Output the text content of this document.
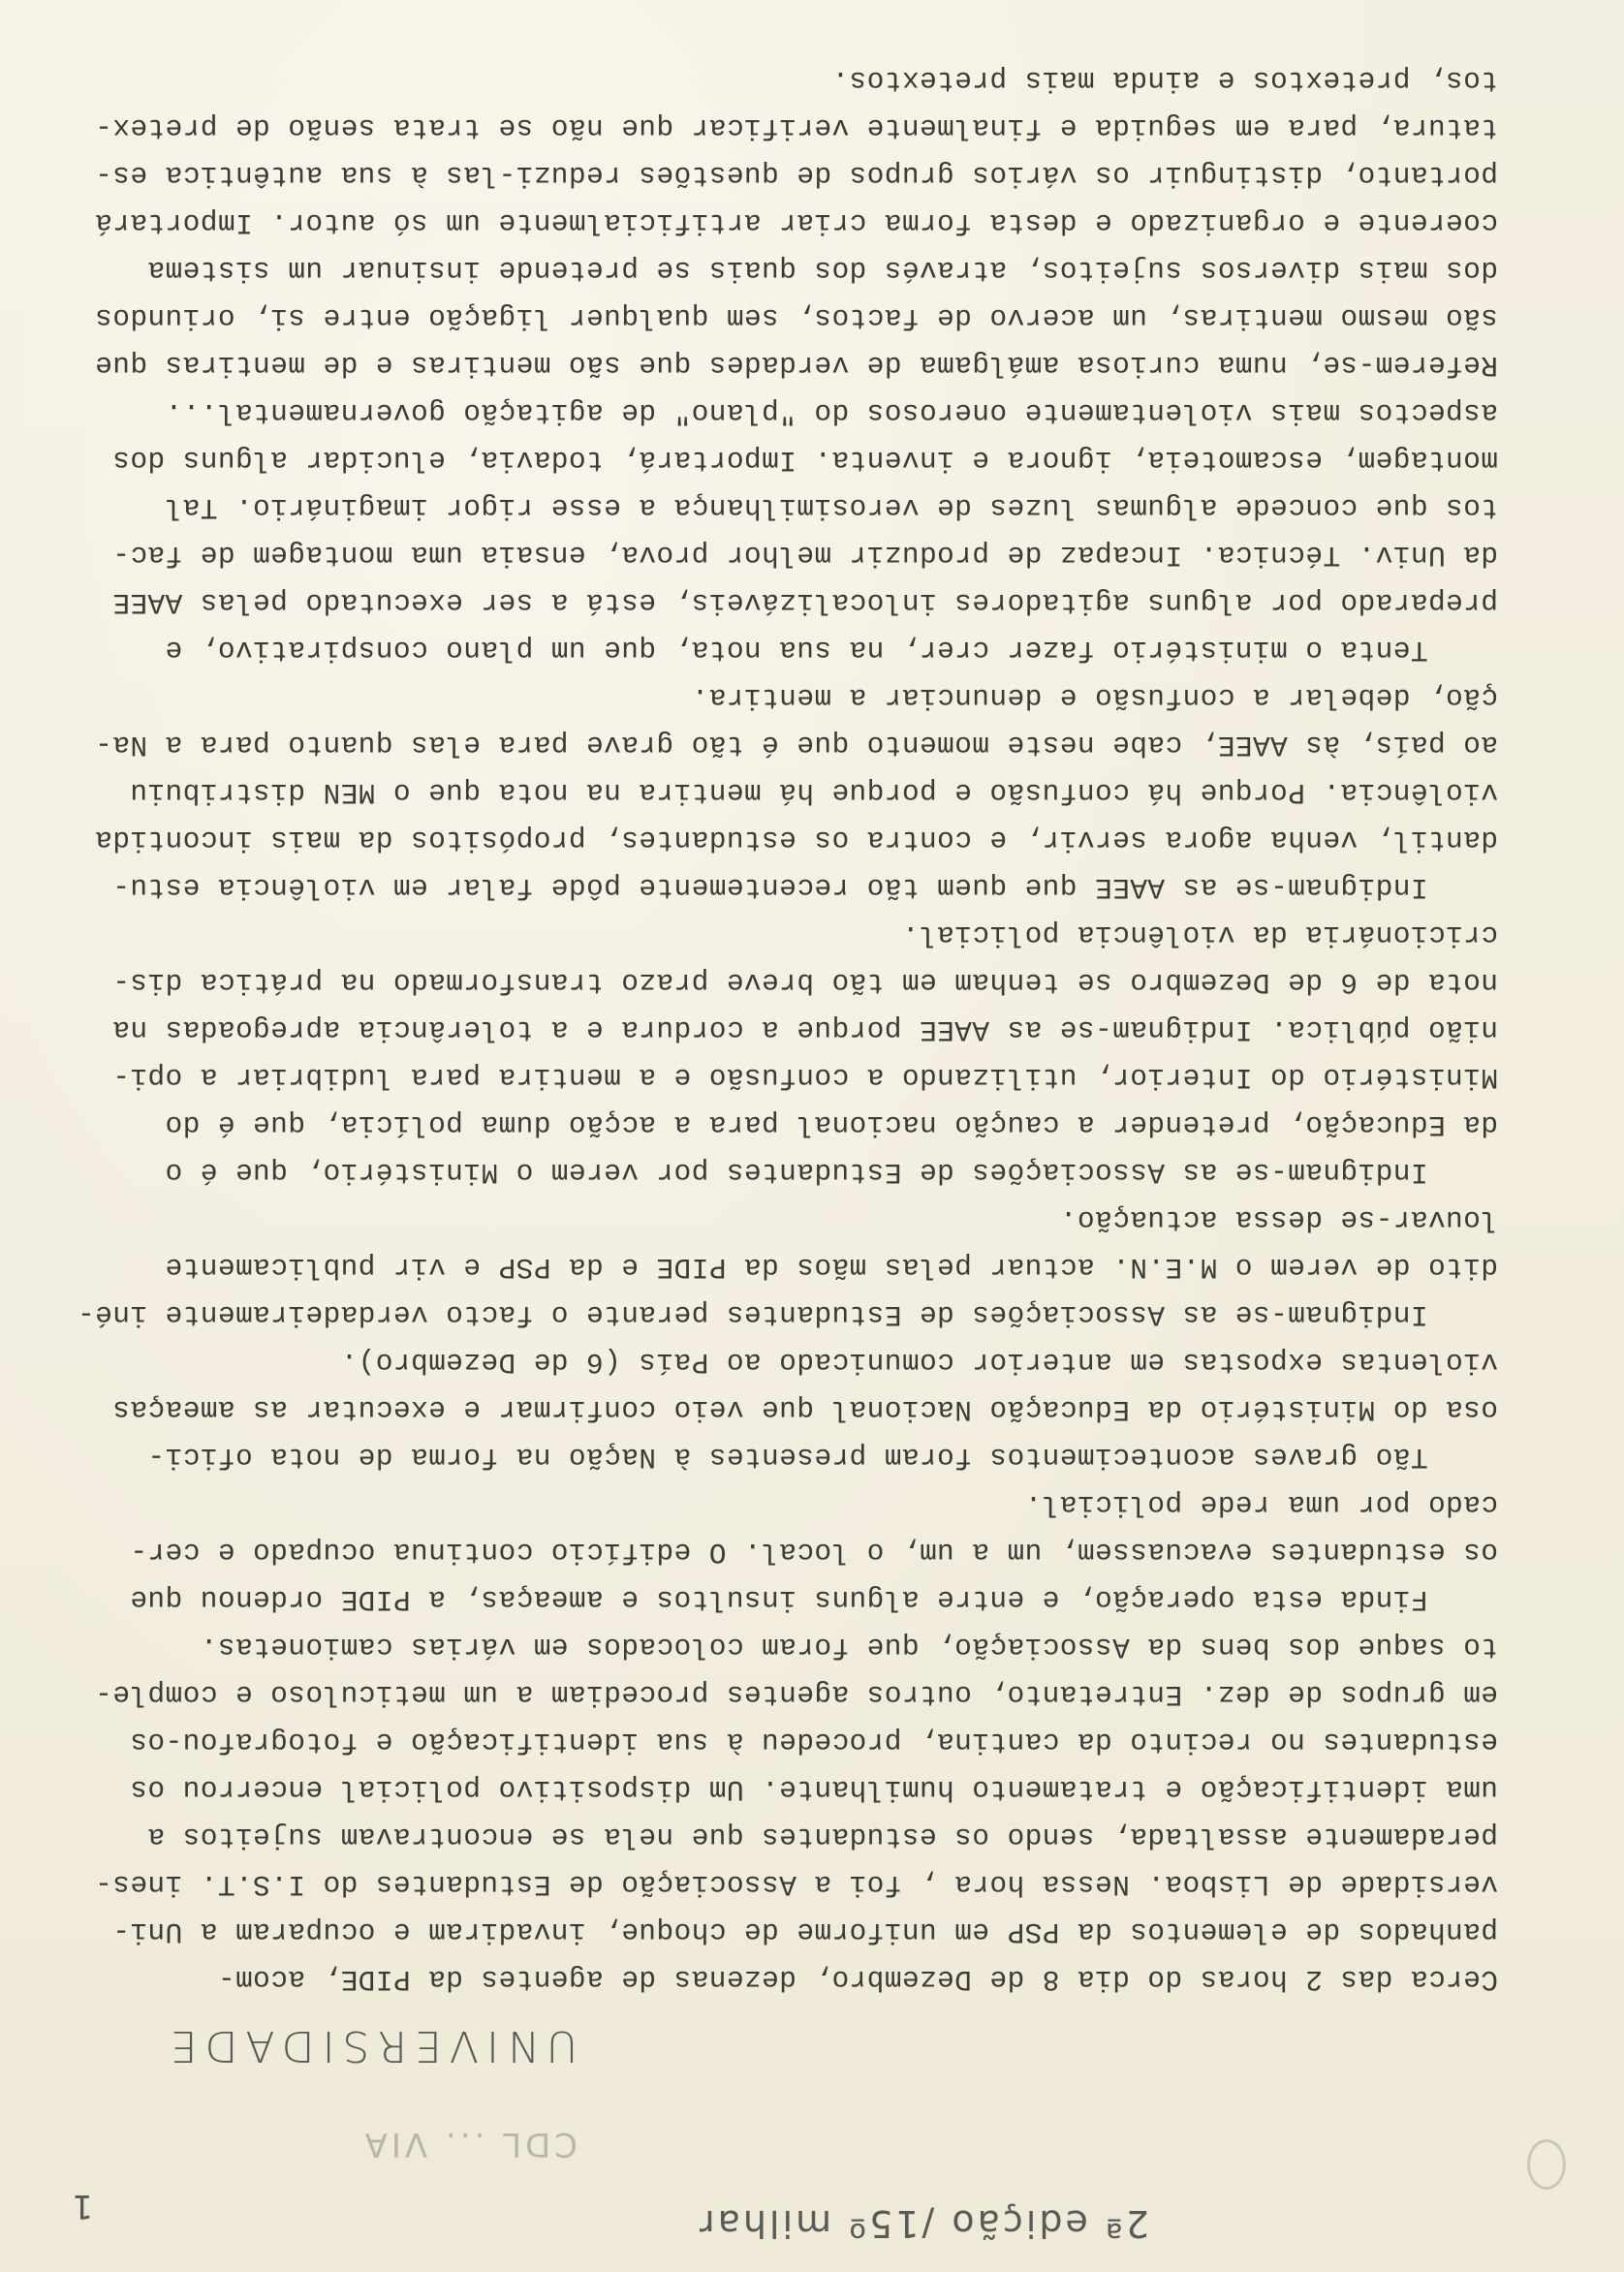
CDL ... VIA
2ª edição /15º milhar
1
UNIVERSIDADE
Cerca das 2 horas do dia 8 de Dezembro, dezenas de agentes da PIDE, acom-
panhados de elementos da PSP em uniforme de choque, invadiram e ocuparam a Uni-
versidade de Lisboa. Nessa hora , foi a Associação de Estudantes do I.S.T. ines-
peradamente assaltada, sendo os estudantes que nela se encontravam sujeitos a
uma identificação e tratamento humilhante. Um dispositivo policial encerrou os
estudantes no recinto da cantina, procedeu à sua identificação e fotografou-os
em grupos de dez. Entretanto, outros agentes procediam a um meticuloso e comple-
to saque dos bens da Associação, que foram colocados em várias camionetas.
Finda esta operação, e entre alguns insultos e ameaças, a PIDE ordenou que
os estudantes evacuassem, um a um, o local. O edifício continua ocupado e cer-
cado por uma rede policial.
Tão graves acontecimentos foram presentes à Nação na forma de nota ofici-
osa do Ministério da Educação Nacional que veio confirmar e executar as ameaças
violentas expostas em anterior comunicado ao País (6 de Dezembro).
Indignam-se as Associações de Estudantes perante o facto verdadeiramente iné-
dito de verem o M.E.N. actuar pelas mãos da PIDE e da PSP e vir publicamente
louvar-se dessa actuação.
Indignam-se as Associações de Estudantes por verem o Ministério, que é o
da Educação, pretender a caução nacional para a acção duma polícia, que é do
Ministério do Interior, utilizando a confusão e a mentira para ludibriar a opi-
nião pública. Indignam-se as AAEE porque a cordura e a tolerância apregoadas na
nota de 6 de Dezembro se tenham em tão breve prazo transformado na prática dis-
cricionária da violência policial.
Indignam-se as AAEE que quem tão recentemente pôde falar em violência estu-
dantil, venha agora servir, e contra os estudantes, propósitos da mais incontida
violência. Porque há confusão e porque há mentira na nota que o MEN distribuiu
ao país, às AAEE, cabe neste momento que é tão grave para elas quanto para a Na-
ção, debelar a confusão e denunciar a mentira.
Tenta o ministério fazer crer, na sua nota, que um plano conspirativo, e
preparado por alguns agitadores inlocalizáveis, está a ser executado pelas AAEE
da Univ. Técnica. Incapaz de produzir melhor prova, ensaia uma montagem de fac-
tos que concede algumas luzes de verosimilhança a esse rigor imaginário. Tal
montagem, escamoteia, ignora e inventa. Importará, todavia, elucidar alguns dos
aspectos mais violentamente onerosos do "plano" de agitação governamental...
Referem-se, numa curiosa amálgama de verdades que são mentiras e de mentiras que
são mesmo mentiras, um acervo de factos, sem qualquer ligação entre si, oriundos
dos mais diversos sujeitos, através dos quais se pretende insinuar um sistema
coerente e organizado e desta forma criar artificialmente um só autor. Importará
portanto, distinguir os vários grupos de questões reduzi-las à sua autêntica es-
tatura, para em seguida e finalmente verificar que não se trata senão de pretex-
tos, pretextos e ainda mais pretextos.
